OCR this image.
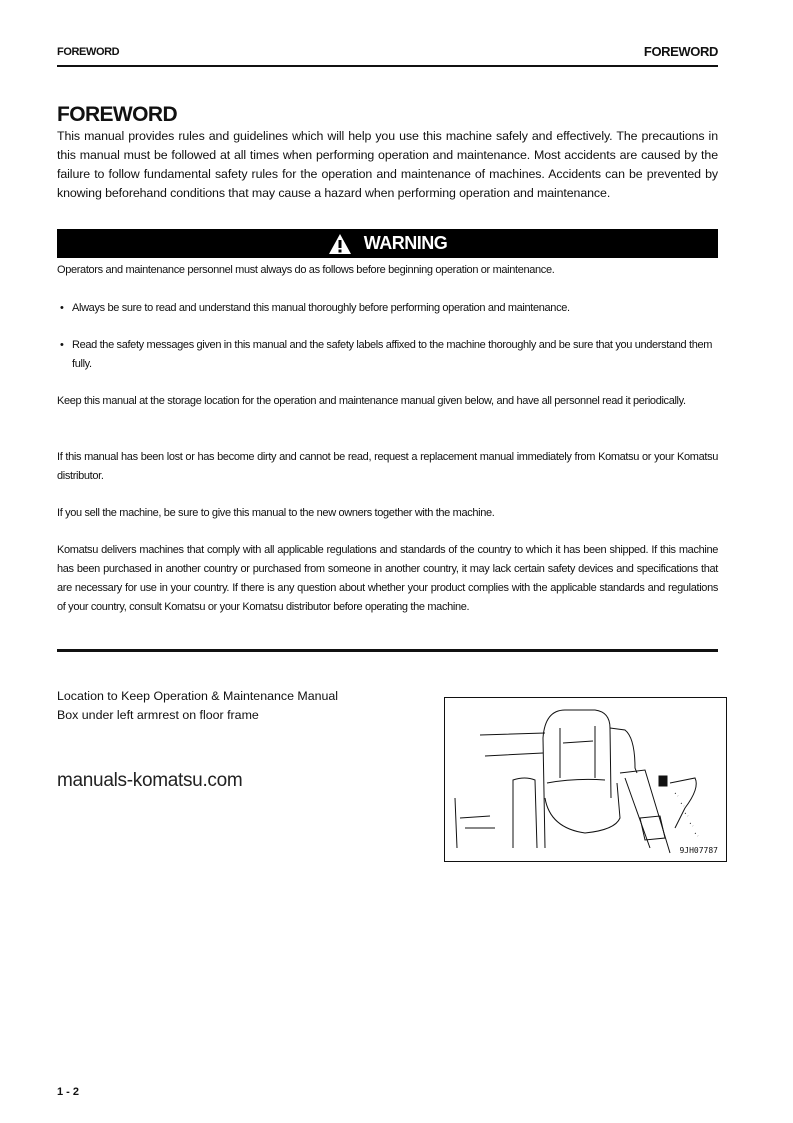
FOREWORD	FOREWORD
FOREWORD
This manual provides rules and guidelines which will help you use this machine safely and effectively. The precautions in this manual must be followed at all times when performing operation and maintenance. Most accidents are caused by the failure to follow fundamental safety rules for the operation and maintenance of machines. Accidents can be prevented by knowing beforehand conditions that may cause a hazard when performing operation and maintenance.
WARNING
Operators and maintenance personnel must always do as follows before beginning operation or maintenance.
• Always be sure to read and understand this manual thoroughly before performing operation and maintenance.
• Read the safety messages given in this manual and the safety labels affixed to the machine thoroughly and be sure that you understand them fully.
Keep this manual at the storage location for the operation and maintenance manual given below, and have all personnel read it periodically.
If this manual has been lost or has become dirty and cannot be read, request a replacement manual immediately from Komatsu or your Komatsu distributor.
If you sell the machine, be sure to give this manual to the new owners together with the machine.
Komatsu delivers machines that comply with all applicable regulations and standards of the country to which it has been shipped. If this machine has been purchased in another country or purchased from someone in another country, it may lack certain safety devices and specifications that are necessary for use in your country. If there is any question about whether your product complies with the applicable standards and regulations of your country, consult Komatsu or your Komatsu distributor before operating the machine.
Location to Keep Operation & Maintenance Manual
Box under left armrest on floor frame
manuals-komatsu.com
9JH07787
1 - 2
